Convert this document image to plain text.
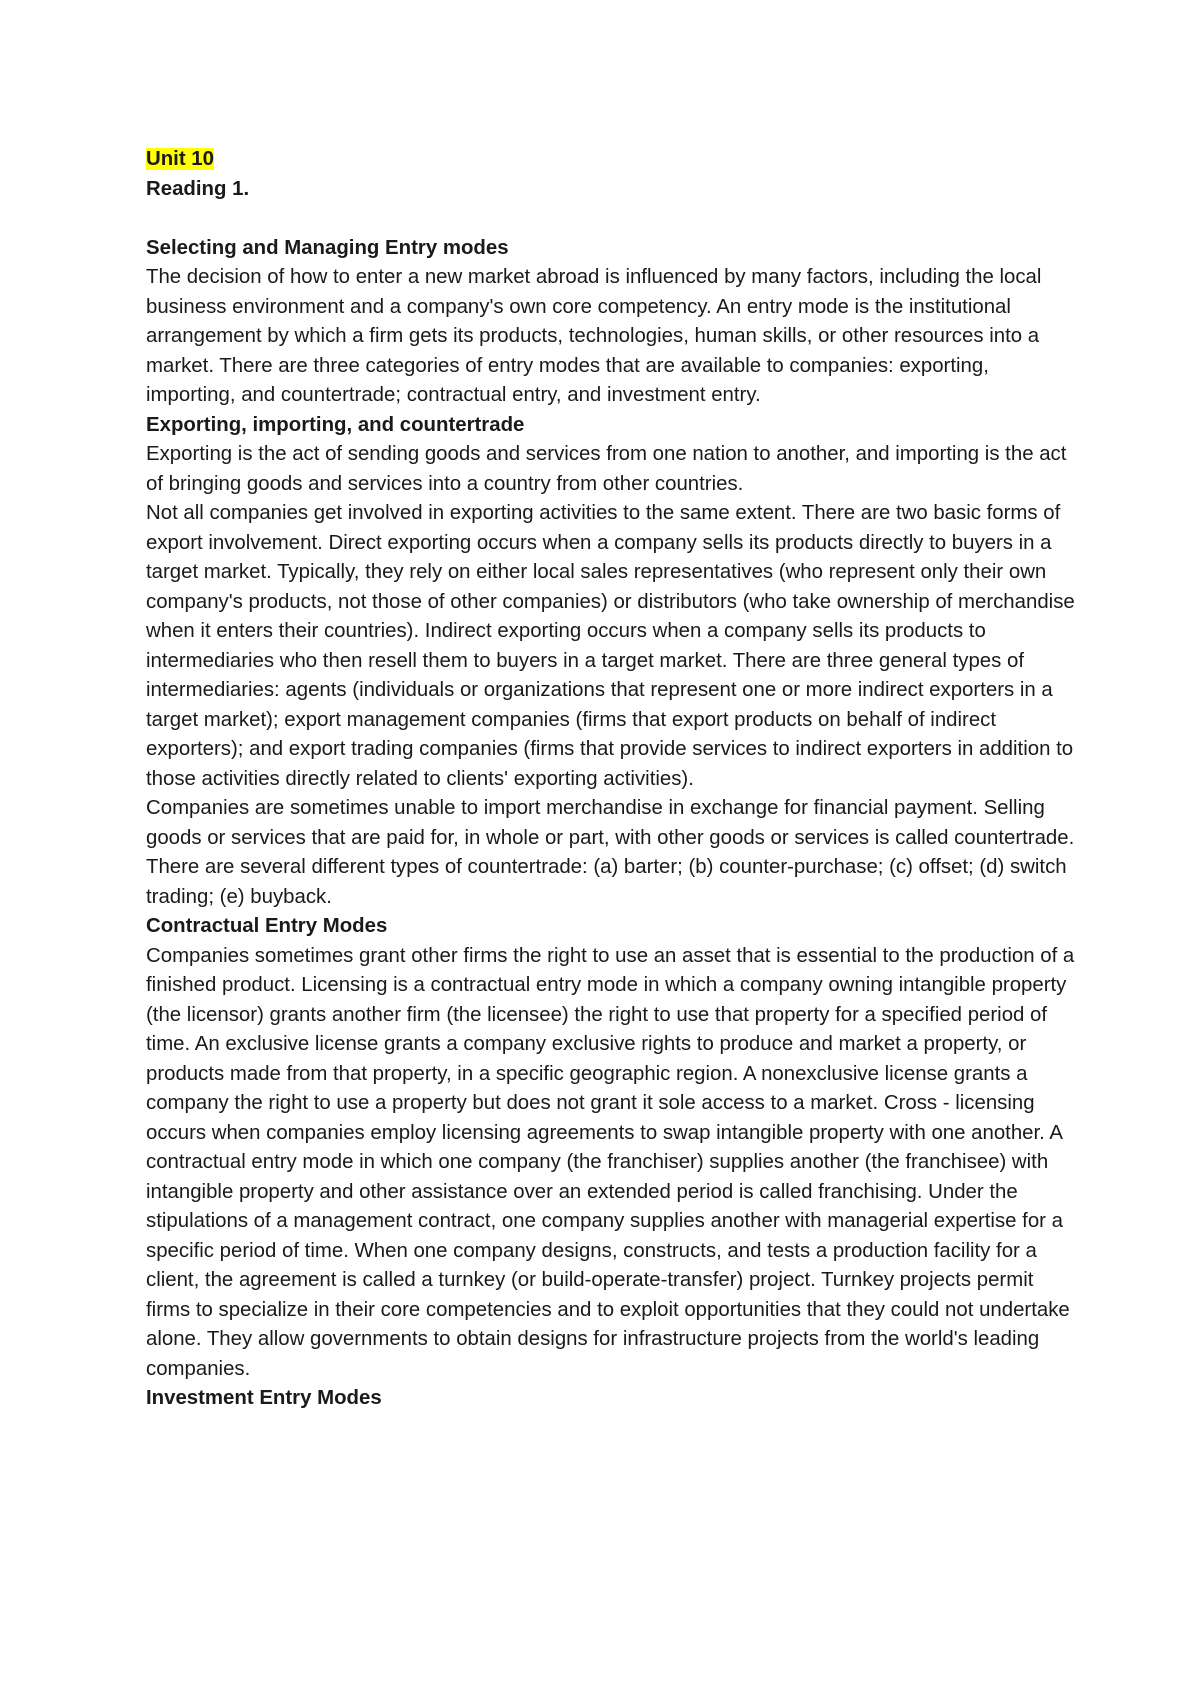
Unit 10

Reading 1.

Selecting and Managing Entry modes

The decision of how to enter a new market abroad is influenced by many factors, including the local business environment and a company's own core competency. An entry mode is the institutional arrangement by which a firm gets its products, technologies, human skills, or other resources into a market. There are three categories of entry modes that are available to companies: exporting, importing, and countertrade; contractual entry, and investment entry.

Exporting, importing, and countertrade

Exporting is the act of sending goods and services from one nation to another, and importing is the act of bringing goods and services into a country from other countries.

Not all companies get involved in exporting activities to the same extent. There are two basic forms of export involvement. Direct exporting occurs when a company sells its products directly to buyers in a target market. Typically, they rely on either local sales representatives (who represent only their own company's products, not those of other companies) or distributors (who take ownership of merchandise when it enters their countries). Indirect exporting occurs when a company sells its products to intermediaries who then resell them to buyers in a target market. There are three general types of intermediaries: agents (individuals or organizations that represent one or more indirect exporters in a target market); export management companies (firms that export products on behalf of indirect exporters); and export trading companies (firms that provide services to indirect exporters in addition to those activities directly related to clients' exporting activities).

Companies are sometimes unable to import merchandise in exchange for financial payment. Selling goods or services that are paid for, in whole or part, with other goods or services is called countertrade. There are several different types of countertrade: (a) barter; (b) counter-purchase; (c) offset; (d) switch trading; (e) buyback.

Contractual Entry Modes

Companies sometimes grant other firms the right to use an asset that is essential to the production of a finished product. Licensing is a contractual entry mode in which a company owning intangible property (the licensor) grants another firm (the licensee) the right to use that property for a specified period of time. An exclusive license grants a company exclusive rights to produce and market a property, or products made from that property, in a specific geographic region. A nonexclusive license grants a company the right to use a property but does not grant it sole access to a market. Cross - licensing occurs when companies employ licensing agreements to swap intangible property with one another. A contractual entry mode in which one company (the franchiser) supplies another (the franchisee) with intangible property and other assistance over an extended period is called franchising. Under the stipulations of a management contract, one company supplies another with managerial expertise for a specific period of time. When one company designs, constructs, and tests a production facility for a client, the agreement is called a turnkey (or build-operate-transfer) project. Turnkey projects permit firms to specialize in their core competencies and to exploit opportunities that they could not undertake alone. They allow governments to obtain designs for infrastructure projects from the world's leading companies.

Investment Entry Modes
